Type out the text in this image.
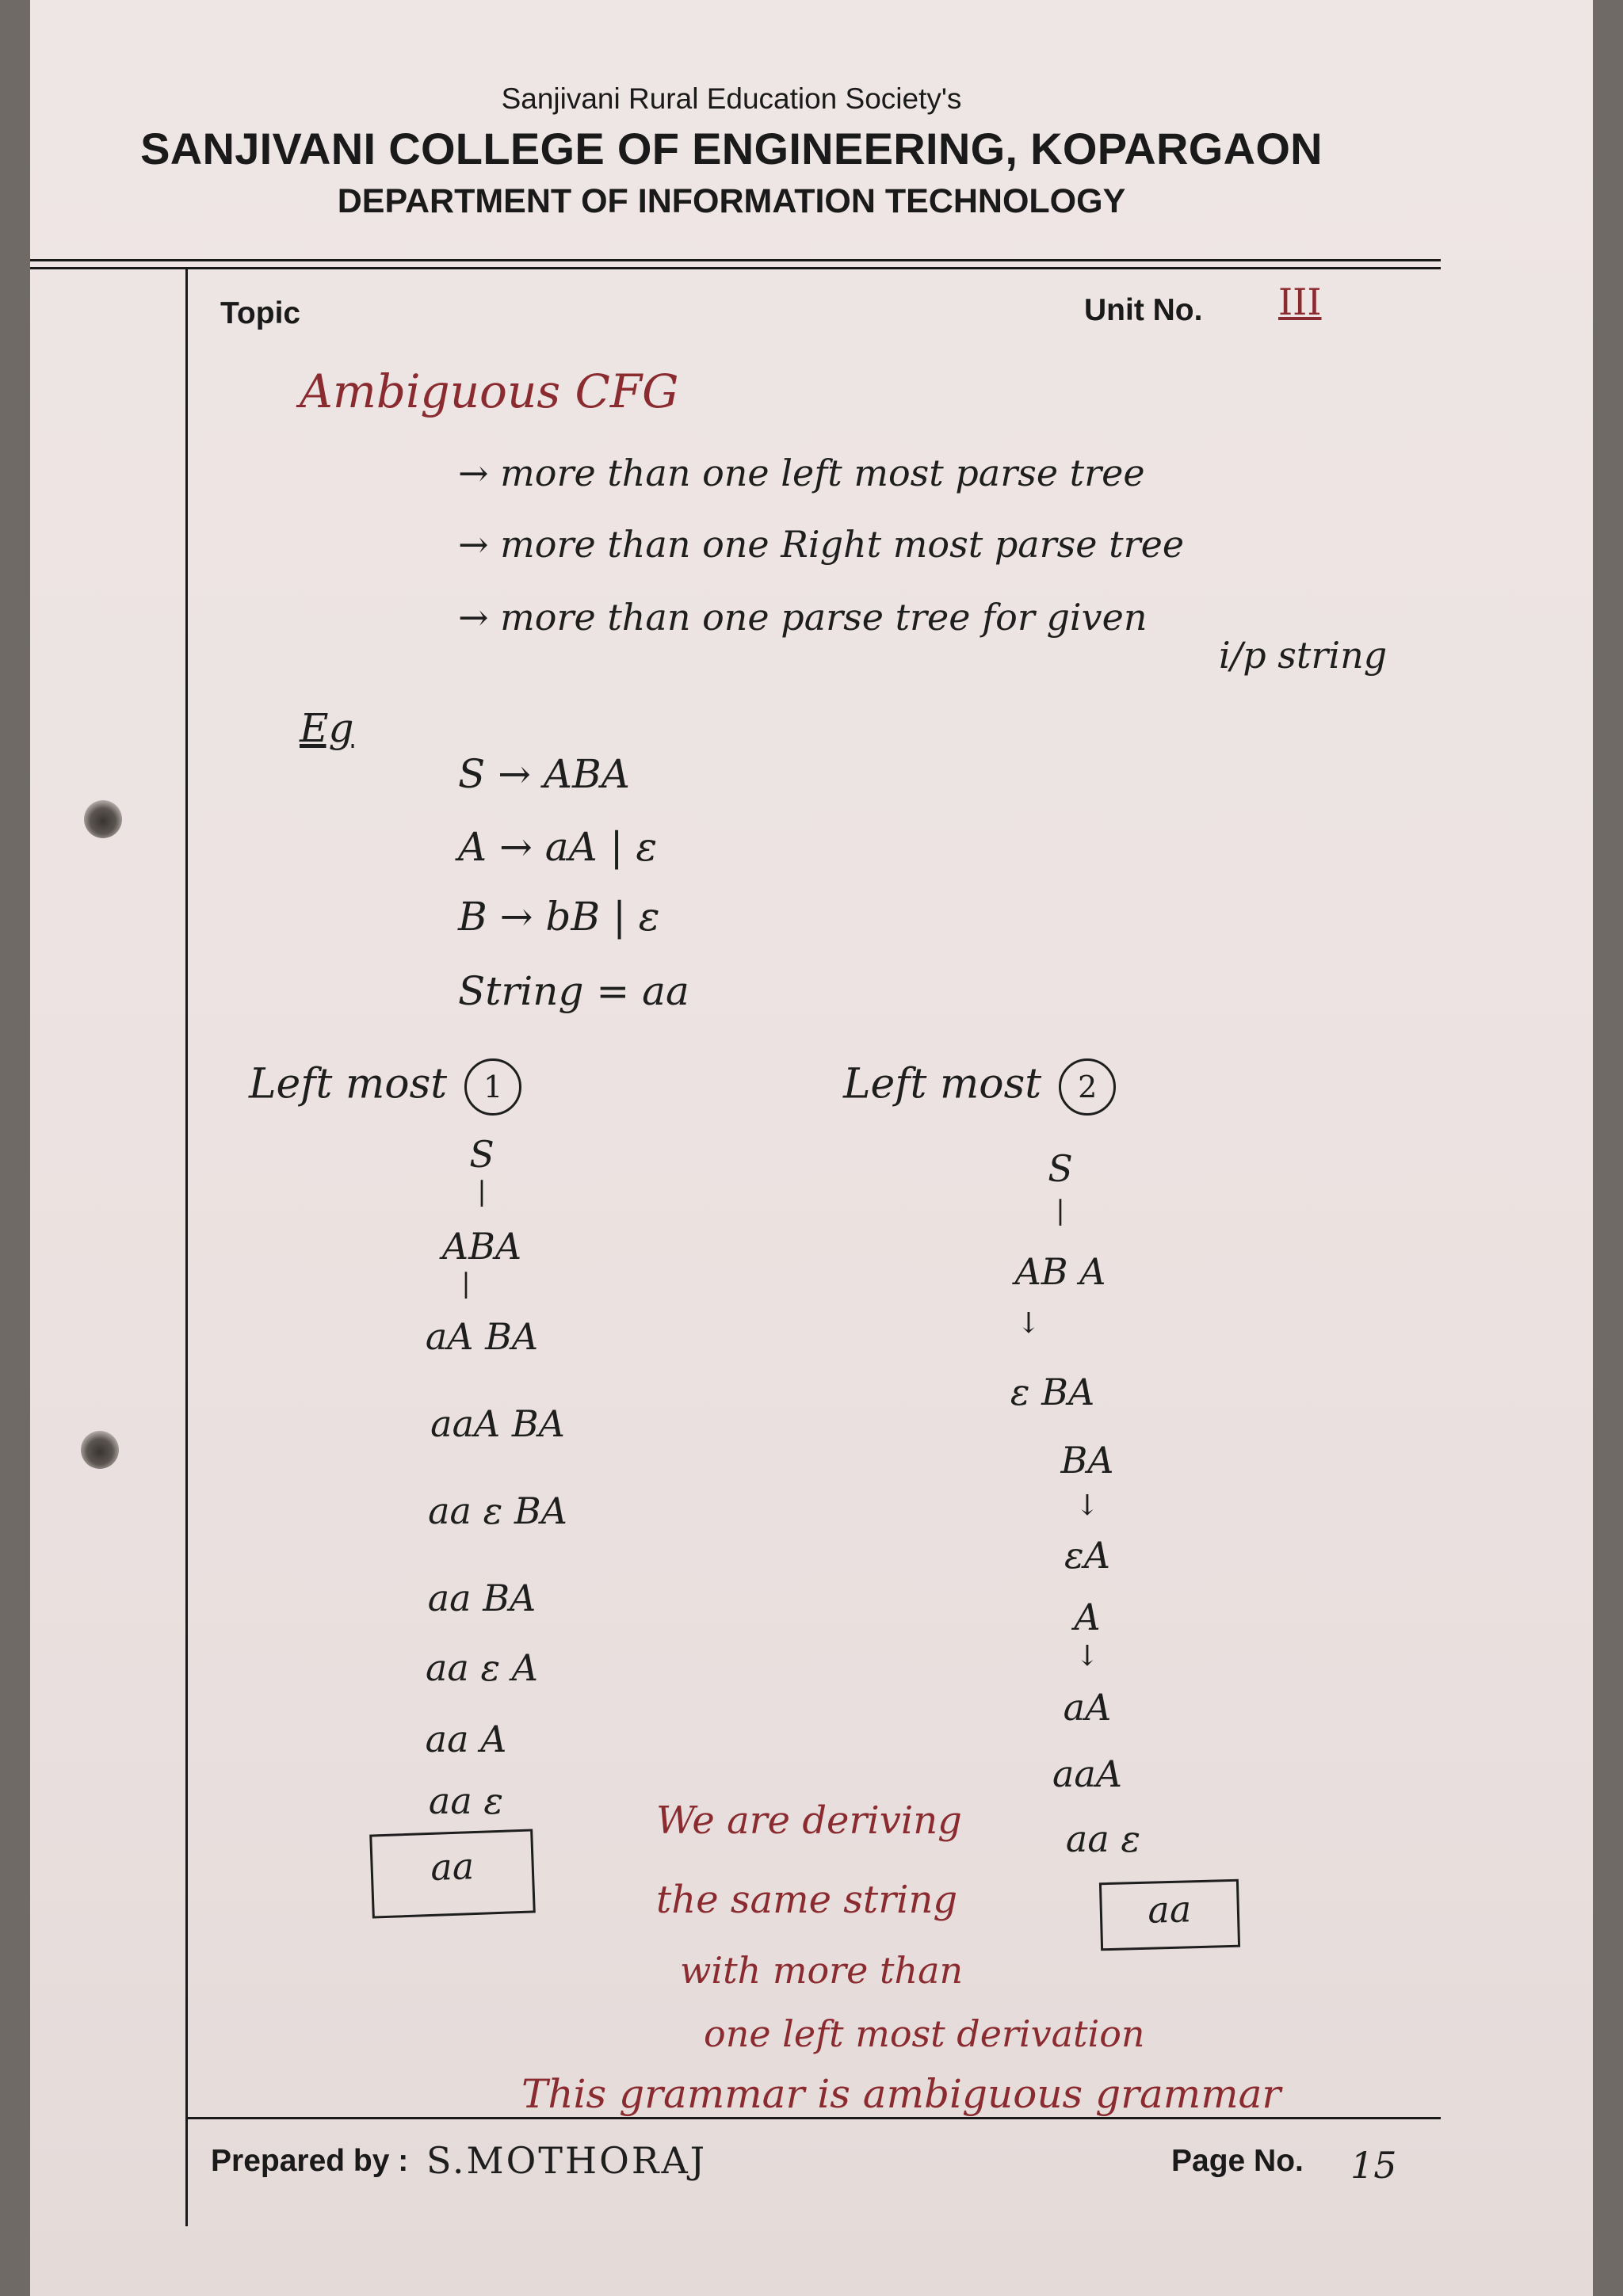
Sanjivani Rural Education Society's
SANJIVANI COLLEGE OF ENGINEERING, KOPARGAON
DEPARTMENT OF INFORMATION TECHNOLOGY
Topic	Unit No. III
Ambiguous CFG
→ more than one left most parse tree
→ more than one Right most parse tree
→ more than one parse tree for given
i/p string
Eg
S → ABA
A → aA | ε
B → bB | ε
String = aa
Left most 1
S
|
ABA
|
aA BA
aaA BA
aa ε BA
aa BA
aa ε A
aa A
aa ε
aa
Left most 2
S
|
AB A
↓
ε BA
BA
↓
εA
A
↓
aA
aaA
aa ε
aa
We are deriving
the same string
with more than
one left most derivation
This grammar is ambiguous grammar
Prepared by : S.MOTHORAJ	Page No. 15
